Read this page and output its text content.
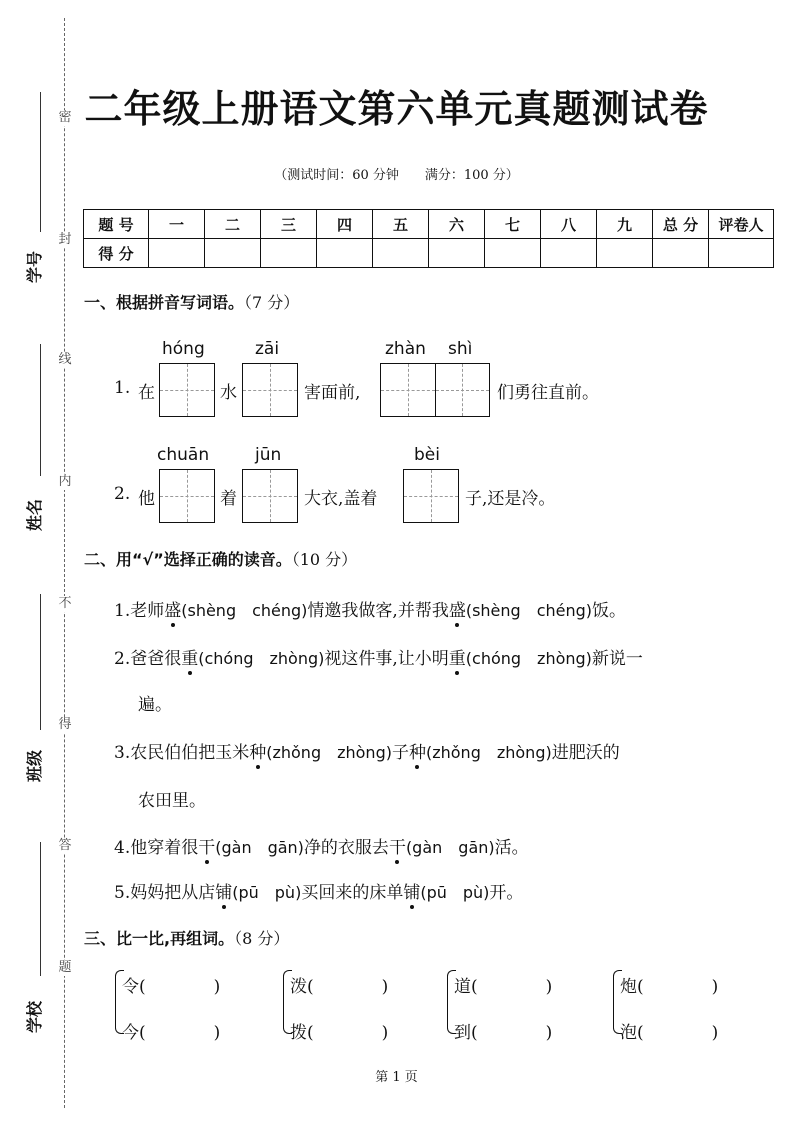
密
封
线
内
不
得
答
题
学号
姓名
班级
学校
二年级上册语文第六单元真题测试卷
（测试时间：60 分钟　　满分：100 分）
题 号	一	二	三	四	五	六	七	八	九	总 分	评卷人
得 分											
一、根据拼音写词语。（7 分）
hóng	zāi	zhàn shì
1. 在	水	害面前,	们勇往直前。
chuān	jūn	bèi
2. 他	着	大衣,盖着	子,还是冷。
二、用“√”选择正确的读音。（10 分）
1.老师盛(shèng　chéng)情邀我做客,并帮我盛(shèng　chéng)饭。
2.爸爸很重(chóng　zhòng)视这件事,让小明重(chóng　zhòng)新说一
遍。
3.农民伯伯把玉米种(zhǒng　zhòng)子种(zhǒng　zhòng)进肥沃的
农田里。
4.他穿着很干(gàn　gān)净的衣服去干(gàn　gān)活。
5.妈妈把从店铺(pū　pù)买回来的床单铺(pū　pù)开。
三、比一比,再组词。（8 分）
令(　　　　)
今(　　　　)
泼(　　　　)
拨(　　　　)
道(　　　　)
到(　　　　)
炮(　　　　)
泡(　　　　)
第 1 页
